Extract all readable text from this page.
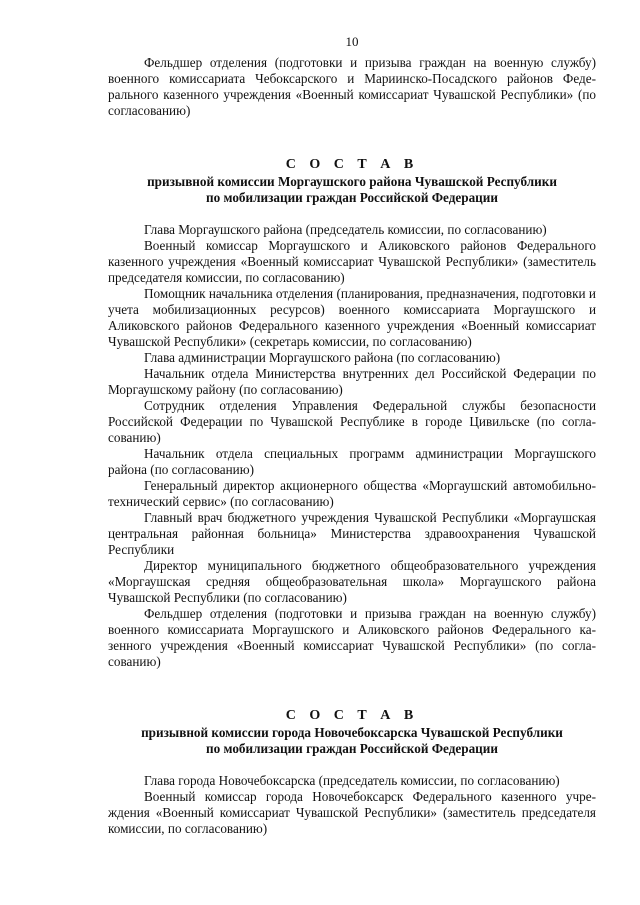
10

Фельдшер отделения (подготовки и призыва граждан на военную службу) военного комиссариата Чебоксарского и Мариинско-Посадского районов Федерального казенного учреждения «Военный комиссариат Чувашской Республики» (по согласованию)

С О С Т А В
призывной комиссии Моргаушского района Чувашской Республики
по мобилизации граждан Российской Федерации

Глава Моргаушского района (председатель комиссии, по согласованию)

Военный комиссар Моргаушского и Аликовского районов Федерального казенного учреждения «Военный комиссариат Чувашской Республики» (заместитель председателя комиссии, по согласованию)

Помощник начальника отделения (планирования, предназначения, подготовки и учета мобилизационных ресурсов) военного комиссариата Моргаушского и Аликовского районов Федерального казенного учреждения «Военный комиссариат Чувашской Республики» (секретарь комиссии, по согласованию)

Глава администрации Моргаушского района (по согласованию)

Начальник отдела Министерства внутренних дел Российской Федерации по Моргаушскому району (по согласованию)

Сотрудник отделения Управления Федеральной службы безопасности Российской Федерации по Чувашской Республике в городе Цивильске (по согласованию)

Начальник отдела специальных программ администрации Моргаушского района (по согласованию)

Генеральный директор акционерного общества «Моргаушский автомобильно-технический сервис» (по согласованию)

Главный врач бюджетного учреждения Чувашской Республики «Моргаушская центральная районная больница» Министерства здравоохранения Чувашской Республики

Директор муниципального бюджетного общеобразовательного учреждения «Моргаушская средняя общеобразовательная школа» Моргаушского района Чувашской Республики (по согласованию)

Фельдшер отделения (подготовки и призыва граждан на военную службу) военного комиссариата Моргаушского и Аликовского районов Федерального казенного учреждения «Военный комиссариат Чувашской Республики» (по согласованию)

С О С Т А В
призывной комиссии города Новочебоксарска Чувашской Республики
по мобилизации граждан Российской Федерации

Глава города Новочебоксарска (председатель комиссии, по согласованию)

Военный комиссар города Новочебоксарск Федерального казенного учреждения «Военный комиссариат Чувашской Республики» (заместитель председателя комиссии, по согласованию)
